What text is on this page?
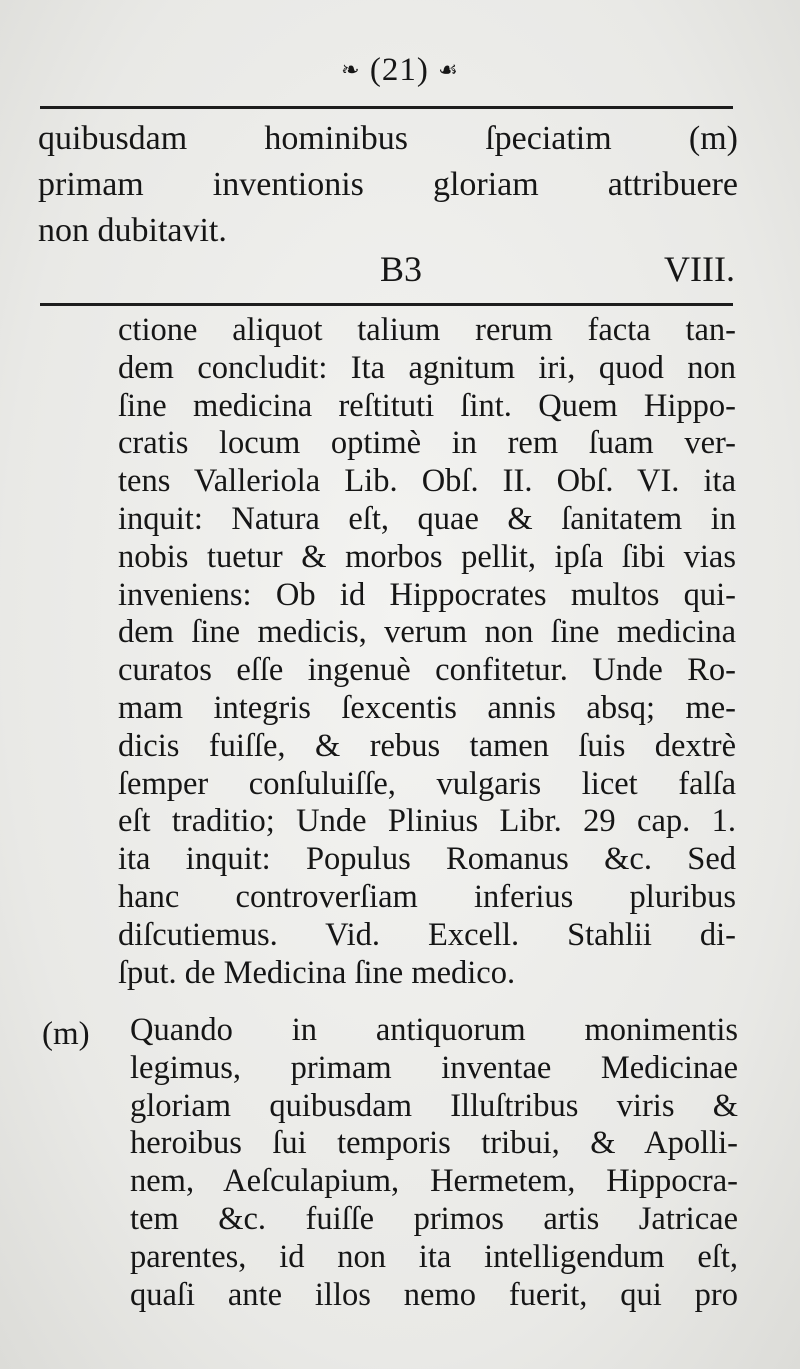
❧ (21) ☙
quibusdam hominibus ſpeciatim (m)
primam inventionis gloriam attribuere
non dubitavit.
B3	VIII.
ctione aliquot talium rerum facta tan-
dem concludit: Ita agnitum iri, quod non
ſine medicina reſtituti ſint. Quem Hippo-
cratis locum optimè in rem ſuam ver-
tens Valleriola Lib. Obſ. II. Obſ. VI. ita
inquit: Natura eſt, quae & ſanitatem in
nobis tuetur & morbos pellit, ipſa ſibi vias
inveniens: Ob id Hippocrates multos qui-
dem ſine medicis, verum non ſine medicina
curatos eſſe ingenuè confitetur. Unde Ro-
mam integris ſexcentis annis absq; me-
dicis fuiſſe, & rebus tamen ſuis dextrè
ſemper conſuluiſſe, vulgaris licet falſa
eſt traditio; Unde Plinius Libr. 29 cap. 1.
ita inquit: Populus Romanus &c. Sed
hanc controverſiam inferius pluribus
diſcutiemus. Vid. Excell. Stahlii di-
ſput. de Medicina ſine medico.
(m) Quando in antiquorum monimentis
legimus, primam inventae Medicinae
gloriam quibusdam Illuſtribus viris &
heroibus ſui temporis tribui, & Apolli-
nem, Aeſculapium, Hermetem, Hippocra-
tem &c. fuiſſe primos artis Jatricae
parentes, id non ita intelligendum eſt,
quaſi ante illos nemo fuerit, qui pro
